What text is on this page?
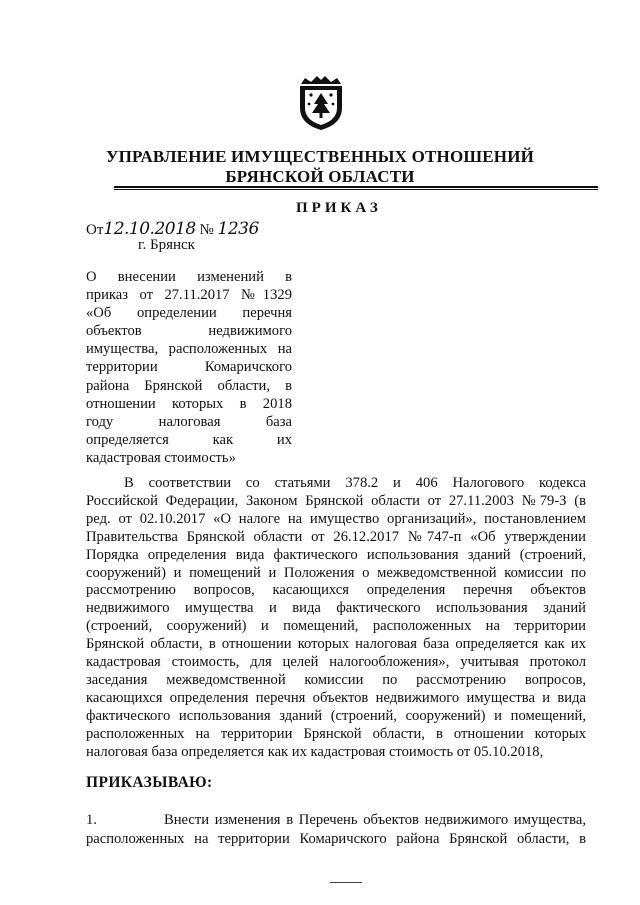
УПРАВЛЕНИЕ ИМУЩЕСТВЕННЫХ ОТНОШЕНИЙ
БРЯНСКОЙ ОБЛАСТИ
ПРИКАЗ
От12.10.2018 № 1236
г. Брянск
О внесении изменений в
приказ от 27.11.2017 №1329
«Об определении перечня
объектов недвижимого
имущества, расположенных на
территории Комаричского
района Брянской области, в
отношении которых в 2018
году налоговая база
определяется как их
кадастровая стоимость»
В соответствии со статьями 378.2 и 406 Налогового кодекса
Российской Федерации, Законом Брянской области от 27.11.2003 №79-З (в
ред. от 02.10.2017 «О налоге на имущество организаций», постановлением
Правительства Брянской области от 26.12.2017 №747-п «Об утверждении
Порядка определения вида фактического использования зданий (строений,
сооружений) и помещений и Положения о межведомственной комиссии по
рассмотрению вопросов, касающихся определения перечня объектов
недвижимого имущества и вида фактического использования зданий
(строений, сооружений) и помещений, расположенных на территории
Брянской области, в отношении которых налоговая база определяется как их
кадастровая стоимость, для целей налогообложения», учитывая протокол
заседания межведомственной комиссии по рассмотрению вопросов,
касающихся определения перечня объектов недвижимого имущества и вида
фактического использования зданий (строений, сооружений) и помещений,
расположенных на территории Брянской области, в отношении которых
налоговая база определяется как их кадастровая стоимость от 05.10.2018,
ПРИКАЗЫВАЮ:
1.	Внести изменения в Перечень объектов недвижимого имущества,
расположенных на территории Комаричского района Брянской области, в
